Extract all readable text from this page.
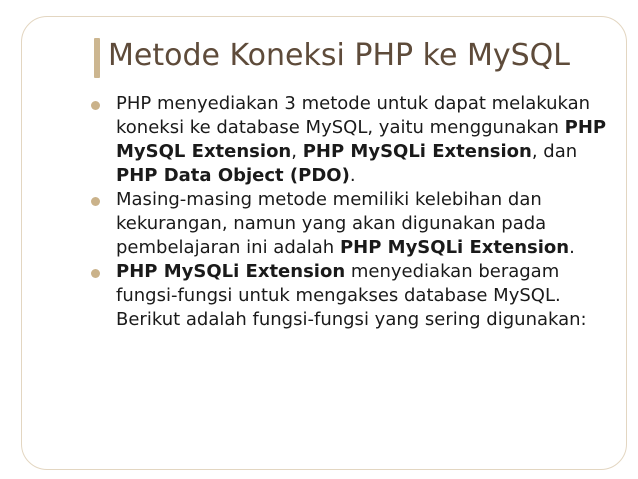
Metode Koneksi PHP ke MySQL
PHP menyediakan 3 metode untuk dapat melakukan koneksi ke database MySQL, yaitu menggunakan PHP MySQL Extension, PHP MySQLi Extension, dan PHP Data Object (PDO).
Masing-masing metode memiliki kelebihan dan kekurangan, namun yang akan digunakan pada pembelajaran ini adalah PHP MySQLi Extension.
PHP MySQLi Extension menyediakan beragam fungsi-fungsi untuk mengakses database MySQL. Berikut adalah fungsi-fungsi yang sering digunakan:
